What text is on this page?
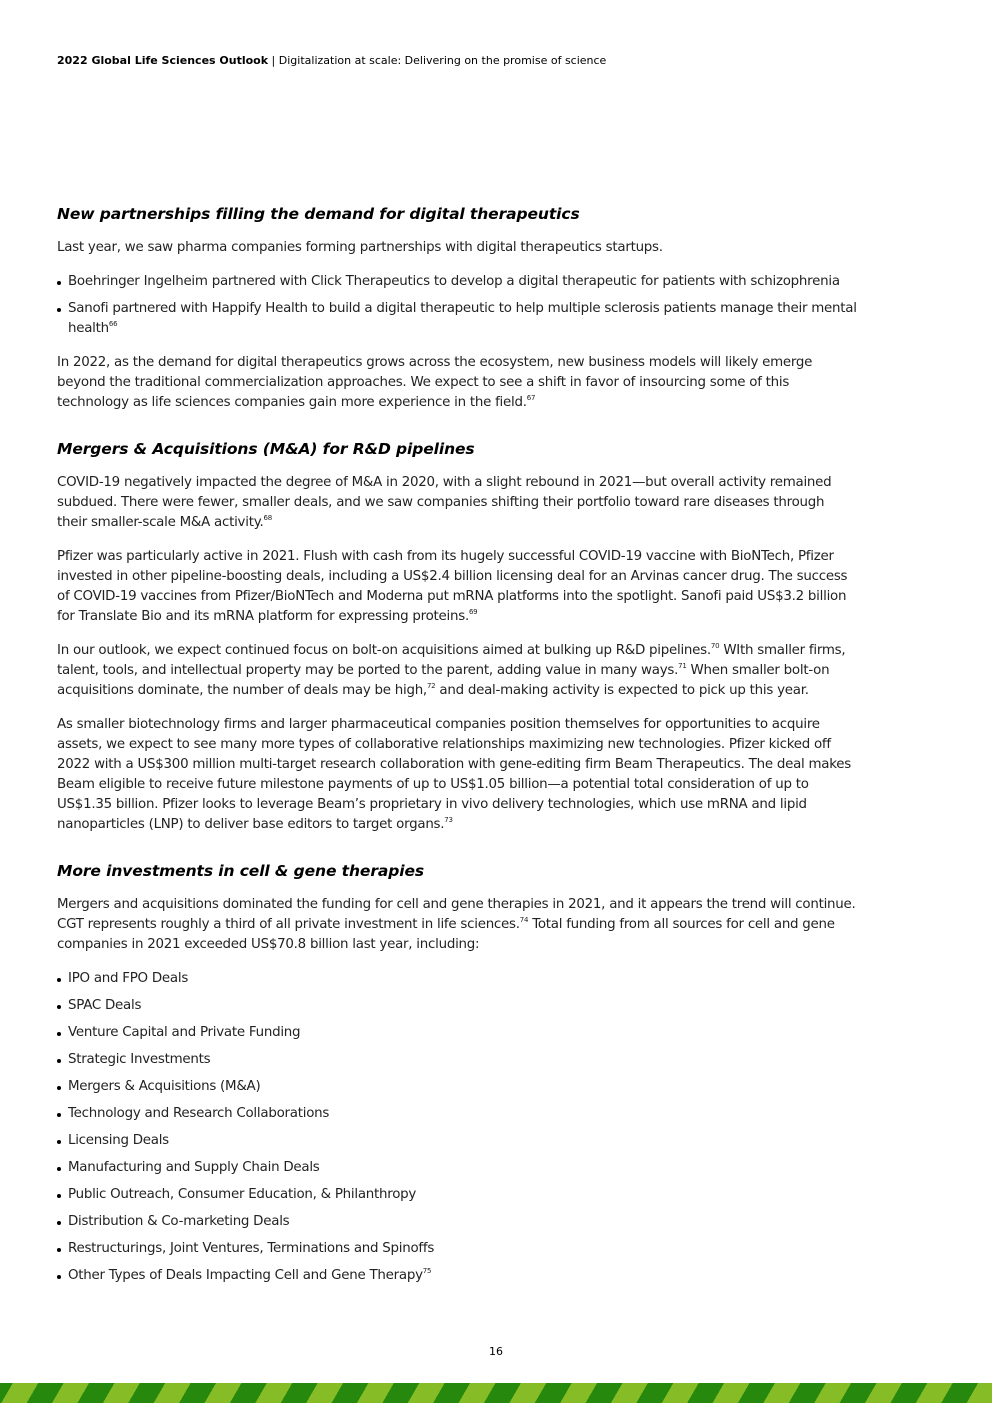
2022 Global Life Sciences Outlook | Digitalization at scale: Delivering on the promise of science
New partnerships filling the demand for digital therapeutics

Last year, we saw pharma companies forming partnerships with digital therapeutics startups.

Boehringer Ingelheim partnered with Click Therapeutics to develop a digital therapeutic for patients with schizophrenia
Sanofi partnered with Happify Health to build a digital therapeutic to help multiple sclerosis patients manage their mental health$^{66}$

In 2022, as the demand for digital therapeutics grows across the ecosystem, new business models will likely emerge beyond the traditional commercialization approaches. We expect to see a shift in favor of insourcing some of this technology as life sciences companies gain more experience in the field.$^{67}$

Mergers & Acquisitions (M&A) for R&D pipelines

COVID-19 negatively impacted the degree of M&A in 2020, with a slight rebound in 2021—but overall activity remained subdued. There were fewer, smaller deals, and we saw companies shifting their portfolio toward rare diseases through their smaller-scale M&A activity.$^{68}$

Pfizer was particularly active in 2021. Flush with cash from its hugely successful COVID-19 vaccine with BioNTech, Pfizer invested in other pipeline-boosting deals, including a US$2.4 billion licensing deal for an Arvinas cancer drug. The success of COVID-19 vaccines from Pfizer/BioNTech and Moderna put mRNA platforms into the spotlight. Sanofi paid US$3.2 billion for Translate Bio and its mRNA platform for expressing proteins.$^{69}$

In our outlook, we expect continued focus on bolt-on acquisitions aimed at bulking up R&D pipelines.$^{70}$ WIth smaller firms, talent, tools, and intellectual property may be ported to the parent, adding value in many ways.$^{71}$ When smaller bolt-on acquisitions dominate, the number of deals may be high,$^{72}$ and deal-making activity is expected to pick up this year.

As smaller biotechnology firms and larger pharmaceutical companies position themselves for opportunities to acquire assets, we expect to see many more types of collaborative relationships maximizing new technologies. Pfizer kicked off 2022 with a US$300 million multi-target research collaboration with gene-editing firm Beam Therapeutics. The deal makes Beam eligible to receive future milestone payments of up to US$1.05 billion—a potential total consideration of up to US$1.35 billion. Pfizer looks to leverage Beam’s proprietary in vivo delivery technologies, which use mRNA and lipid nanoparticles (LNP) to deliver base editors to target organs.$^{73}$

More investments in cell & gene therapies

Mergers and acquisitions dominated the funding for cell and gene therapies in 2021, and it appears the trend will continue. CGT represents roughly a third of all private investment in life sciences.$^{74}$ Total funding from all sources for cell and gene companies in 2021 exceeded US$70.8 billion last year, including:

IPO and FPO Deals
SPAC Deals
Venture Capital and Private Funding
Strategic Investments
Mergers & Acquisitions (M&A)
Technology and Research Collaborations
Licensing Deals
Manufacturing and Supply Chain Deals
Public Outreach, Consumer Education, & Philanthropy
Distribution & Co-marketing Deals
Restructurings, Joint Ventures, Terminations and Spinoffs
Other Types of Deals Impacting Cell and Gene Therapy$^{75}$
16
